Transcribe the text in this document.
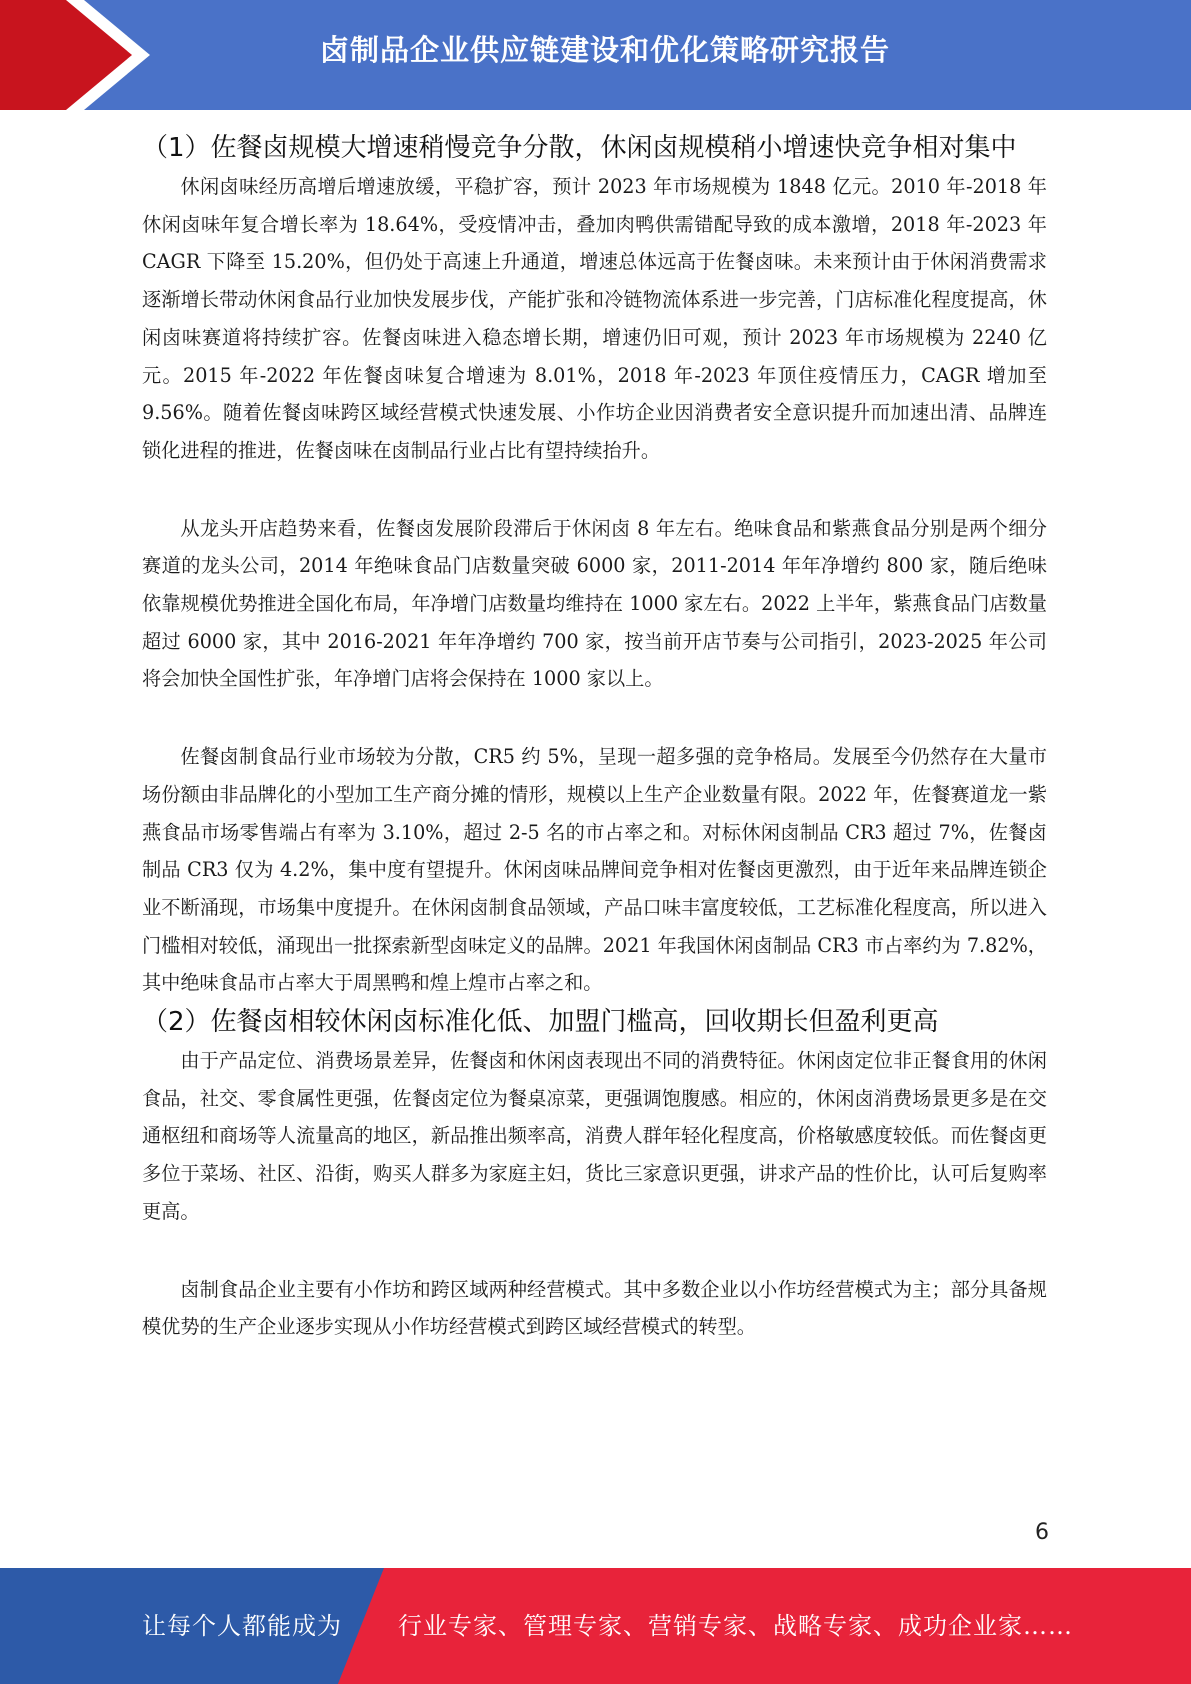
卤制品企业供应链建设和优化策略研究报告
（1）佐餐卤规模大增速稍慢竞争分散，休闲卤规模稍小增速快竞争相对集中

休闲卤味经历高增后增速放缓，平稳扩容，预计 2023 年市场规模为 1848 亿元。2010 年-2018 年休闲卤味年复合增长率为 18.64%，受疫情冲击，叠加肉鸭供需错配导致的成本激增，2018 年-2023 年 CAGR 下降至 15.20%，但仍处于高速上升通道，增速总体远高于佐餐卤味。未来预计由于休闲消费需求逐渐增长带动休闲食品行业加快发展步伐，产能扩张和冷链物流体系进一步完善，门店标准化程度提高，休闲卤味赛道将持续扩容。佐餐卤味进入稳态增长期，增速仍旧可观，预计 2023 年市场规模为 2240 亿元。2015 年-2022 年佐餐卤味复合增速为 8.01%，2018 年-2023 年顶住疫情压力，CAGR 增加至 9.56%。随着佐餐卤味跨区域经营模式快速发展、小作坊企业因消费者安全意识提升而加速出清、品牌连锁化进程的推进，佐餐卤味在卤制品行业占比有望持续抬升。

从龙头开店趋势来看，佐餐卤发展阶段滞后于休闲卤 8 年左右。绝味食品和紫燕食品分别是两个细分赛道的龙头公司，2014 年绝味食品门店数量突破 6000 家，2011-2014 年年净增约 800 家，随后绝味依靠规模优势推进全国化布局，年净增门店数量均维持在 1000 家左右。2022 上半年，紫燕食品门店数量超过 6000 家，其中 2016-2021 年年净增约 700 家，按当前开店节奏与公司指引，2023-2025 年公司将会加快全国性扩张，年净增门店将会保持在 1000 家以上。

佐餐卤制食品行业市场较为分散，CR5 约 5%，呈现一超多强的竞争格局。发展至今仍然存在大量市场份额由非品牌化的小型加工生产商分摊的情形，规模以上生产企业数量有限。2022 年，佐餐赛道龙一紫燕食品市场零售端占有率为 3.10%，超过 2-5 名的市占率之和。对标休闲卤制品 CR3 超过 7%，佐餐卤制品 CR3 仅为 4.2%，集中度有望提升。休闲卤味品牌间竞争相对佐餐卤更激烈，由于近年来品牌连锁企业不断涌现，市场集中度提升。在休闲卤制食品领域，产品口味丰富度较低，工艺标准化程度高，所以进入门槛相对较低，涌现出一批探索新型卤味定义的品牌。2021 年我国休闲卤制品 CR3 市占率约为 7.82%，其中绝味食品市占率大于周黑鸭和煌上煌市占率之和。

（2）佐餐卤相较休闲卤标准化低、加盟门槛高，回收期长但盈利更高

由于产品定位、消费场景差异，佐餐卤和休闲卤表现出不同的消费特征。休闲卤定位非正餐食用的休闲食品，社交、零食属性更强，佐餐卤定位为餐桌凉菜，更强调饱腹感。相应的，休闲卤消费场景更多是在交通枢纽和商场等人流量高的地区，新品推出频率高，消费人群年轻化程度高，价格敏感度较低。而佐餐卤更多位于菜场、社区、沿街，购买人群多为家庭主妇，货比三家意识更强，讲求产品的性价比，认可后复购率更高。

卤制食品企业主要有小作坊和跨区域两种经营模式。其中多数企业以小作坊经营模式为主；部分具备规模优势的生产企业逐步实现从小作坊经营模式到跨区域经营模式的转型。

6
让每个人都能成为 行业专家、管理专家、营销专家、战略专家、成功企业家……
